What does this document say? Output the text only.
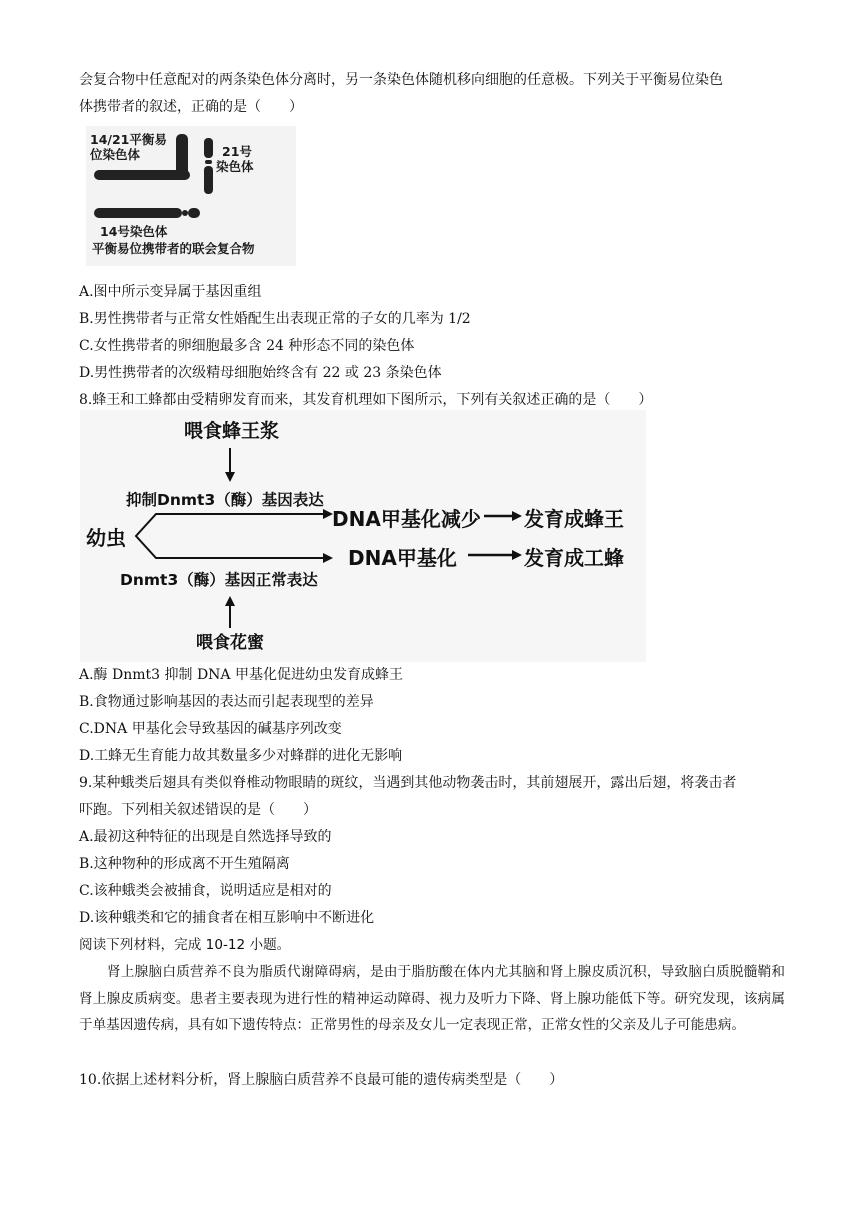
会复合物中任意配对的两条染色体分离时，另一条染色体随机移向细胞的任意极。下列关于平衡易位染色
体携带者的叙述，正确的是（　　）
14/21平衡易
位染色体	21号
染色体
14号染色体
平衡易位携带者的联会复合物
A.图中所示变异属于基因重组
B.男性携带者与正常女性婚配生出表现正常的子女的几率为 1/2
C.女性携带者的卵细胞最多含 24 种形态不同的染色体
D.男性携带者的次级精母细胞始终含有 22 或 23 条染色体
8.蜂王和工蜂都由受精卵发育而来，其发育机理如下图所示，下列有关叙述正确的是（　　）
喂食蜂王浆
抑制Dnmt3（酶）基因表达
幼虫
Dnmt3（酶）基因正常表达
喂食花蜜
DNA甲基化减少
DNA甲基化
发育成蜂王
发育成工蜂
A.酶 Dnmt3 抑制 DNA 甲基化促进幼虫发育成蜂王
B.食物通过影响基因的表达而引起表现型的差异
C.DNA 甲基化会导致基因的碱基序列改变
D.工蜂无生育能力故其数量多少对蜂群的进化无影响
9.某种蛾类后翅具有类似脊椎动物眼睛的斑纹，当遇到其他动物袭击时，其前翅展开，露出后翅，将袭击者
吓跑。下列相关叙述错误的是（　　）
A.最初这种特征的出现是自然选择导致的
B.这种物种的形成离不开生殖隔离
C.该种蛾类会被捕食，说明适应是相对的
D.该种蛾类和它的捕食者在相互影响中不断进化
阅读下列材料，完成 10-12 小题。
肾上腺脑白质营养不良为脂质代谢障碍病，是由于脂肪酸在体内尤其脑和肾上腺皮质沉积，导致脑白质脱髓鞘和肾上腺皮质病变。患者主要表现为进行性的精神运动障碍、视力及听力下降、肾上腺功能低下等。研究发现，该病属于单基因遗传病，具有如下遗传特点：正常男性的母亲及女儿一定表现正常，正常女性的父亲及儿子可能患病。
10.依据上述材料分析，肾上腺脑白质营养不良最可能的遗传病类型是（　　）
